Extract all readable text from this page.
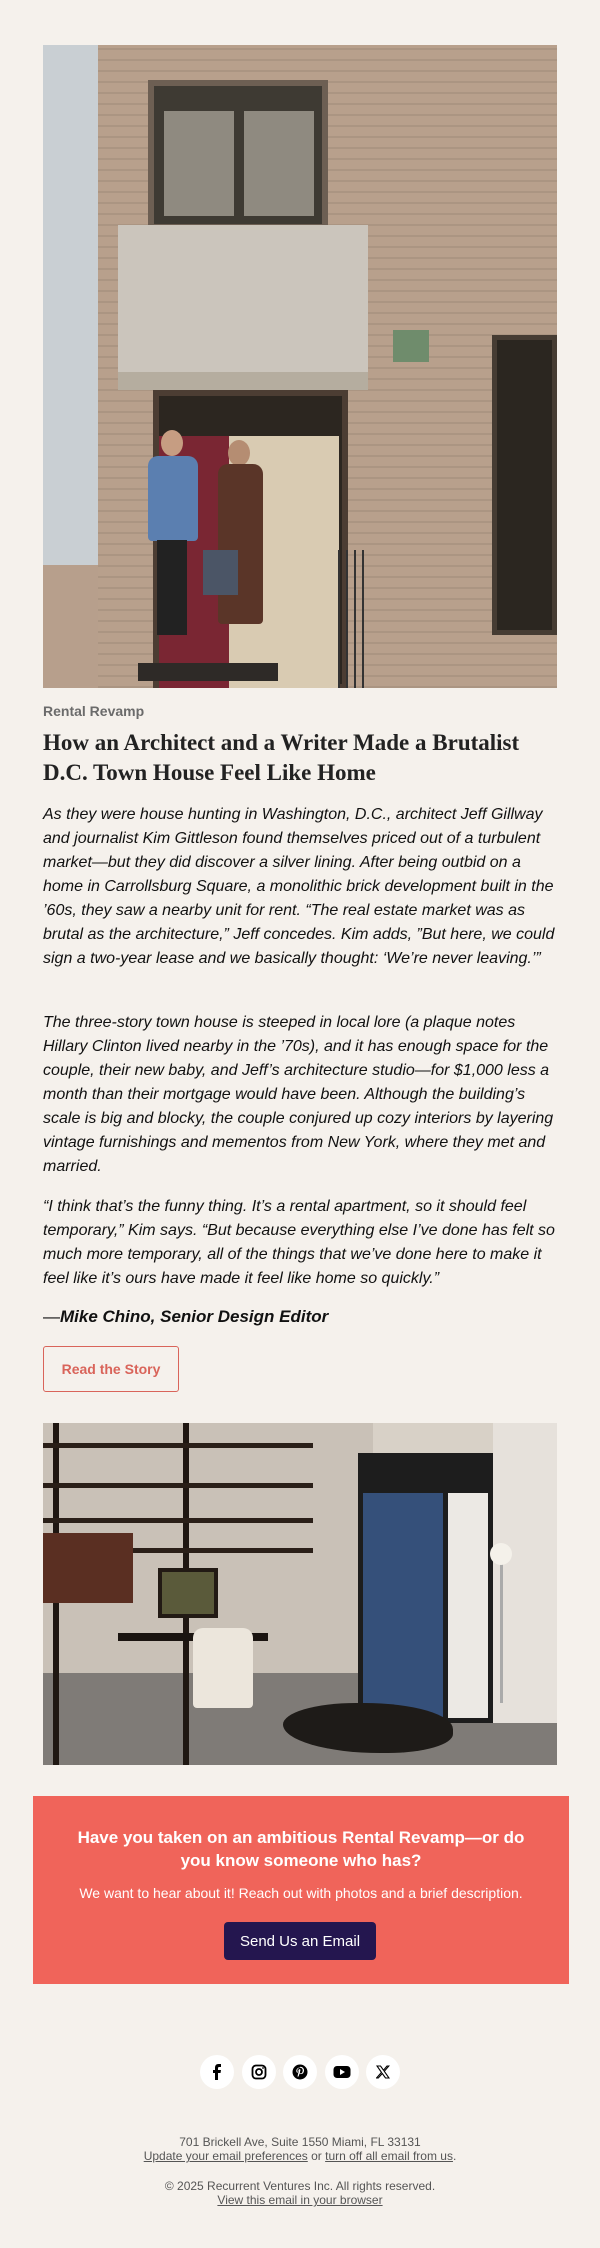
Rental Revamp
How an Architect and a Writer Made a Brutalist D.C. Town House Feel Like Home
As they were house hunting in Washington, D.C., architect Jeff Gillway and journalist Kim Gittleson found themselves priced out of a turbulent market—but they did discover a silver lining. After being outbid on a home in Carrollsburg Square, a monolithic brick development built in the ’60s, they saw a nearby unit for rent. “The real estate market was as brutal as the architecture,” Jeff concedes. Kim adds, ”But here, we could sign a two-year lease and we basically thought: ‘We’re never leaving.’”
The three-story town house is steeped in local lore (a plaque notes Hillary Clinton lived nearby in the ’70s), and it has enough space for the couple, their new baby, and Jeff’s architecture studio—for $1,000 less a month than their mortgage would have been. Although the building’s scale is big and blocky, the couple conjured up cozy interiors by layering vintage furnishings and mementos from New York, where they met and married.
“I think that’s the funny thing. It’s a rental apartment, so it should feel temporary,” Kim says. “But because everything else I’ve done has felt so much more temporary, all of the things that we’ve done here to make it feel like it’s ours have made it feel like home so quickly.”
—Mike Chino, Senior Design Editor
Read the Story
Have you taken on an ambitious Rental Revamp—or do you know someone who has?
We want to hear about it! Reach out with photos and a brief description.
Send Us an Email
701 Brickell Ave, Suite 1550 Miami, FL 33131
Update your email preferences or turn off all email from us.
© 2025 Recurrent Ventures Inc. All rights reserved.
View this email in your browser
